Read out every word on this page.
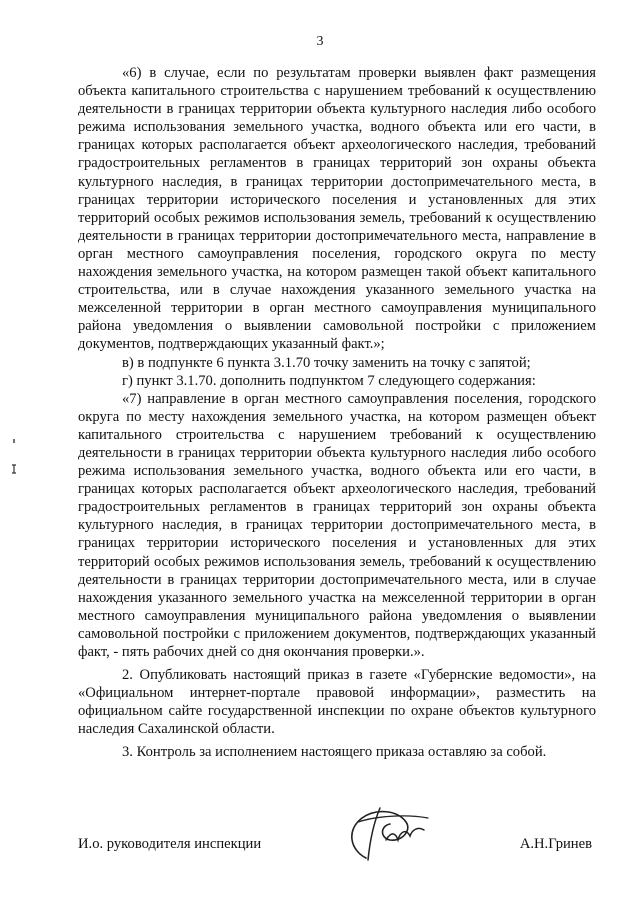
3

«6) в случае, если по результатам проверки выявлен факт размещения объекта капитального строительства с нарушением требований к осуществлению деятельности в границах территории объекта культурного наследия либо особого режима использования земельного участка, водного объекта или его части, в границах которых располагается объект археологического наследия, требований градостроительных регламентов в границах территорий зон охраны объекта культурного наследия, в границах территории достопримечательного места, в границах территории исторического поселения и установленных для этих территорий особых режимов использования земель, требований к осуществлению деятельности в границах территории достопримечательного места, направление в орган местного самоуправления поселения, городского округа по месту нахождения земельного участка, на котором размещен такой объект капитального строительства, или в случае нахождения указанного земельного участка на межселенной территории в орган местного самоуправления муниципального района уведомления о выявлении самовольной постройки с приложением документов, подтверждающих указанный факт.»;

в) в подпункте 6 пункта 3.1.70 точку заменить на точку с запятой;

г) пункт 3.1.70. дополнить подпунктом 7 следующего содержания:

«7) направление в орган местного самоуправления поселения, городского округа по месту нахождения земельного участка, на котором размещен объект капитального строительства с нарушением требований к осуществлению деятельности в границах территории объекта культурного наследия либо особого режима использования земельного участка, водного объекта или его части, в границах которых располагается объект археологического наследия, требований градостроительных регламентов в границах территорий зон охраны объекта культурного наследия, в границах территории достопримечательного места, в границах территории исторического поселения и установленных для этих территорий особых режимов использования земель, требований к осуществлению деятельности в границах территории достопримечательного места, или в случае нахождения указанного земельного участка на межселенной территории в орган местного самоуправления муниципального района уведомления о выявлении самовольной постройки с приложением документов, подтверждающих указанный факт, - пять рабочих дней со дня окончания проверки.».

2. Опубликовать настоящий приказ в газете «Губернские ведомости», на «Официальном интернет-портале правовой информации», разместить на официальном сайте государственной инспекции по охране объектов культурного наследия Сахалинской области.

3. Контроль за исполнением настоящего приказа оставляю за собой.

И.о. руководителя инспекции	А.Н.Гринев
